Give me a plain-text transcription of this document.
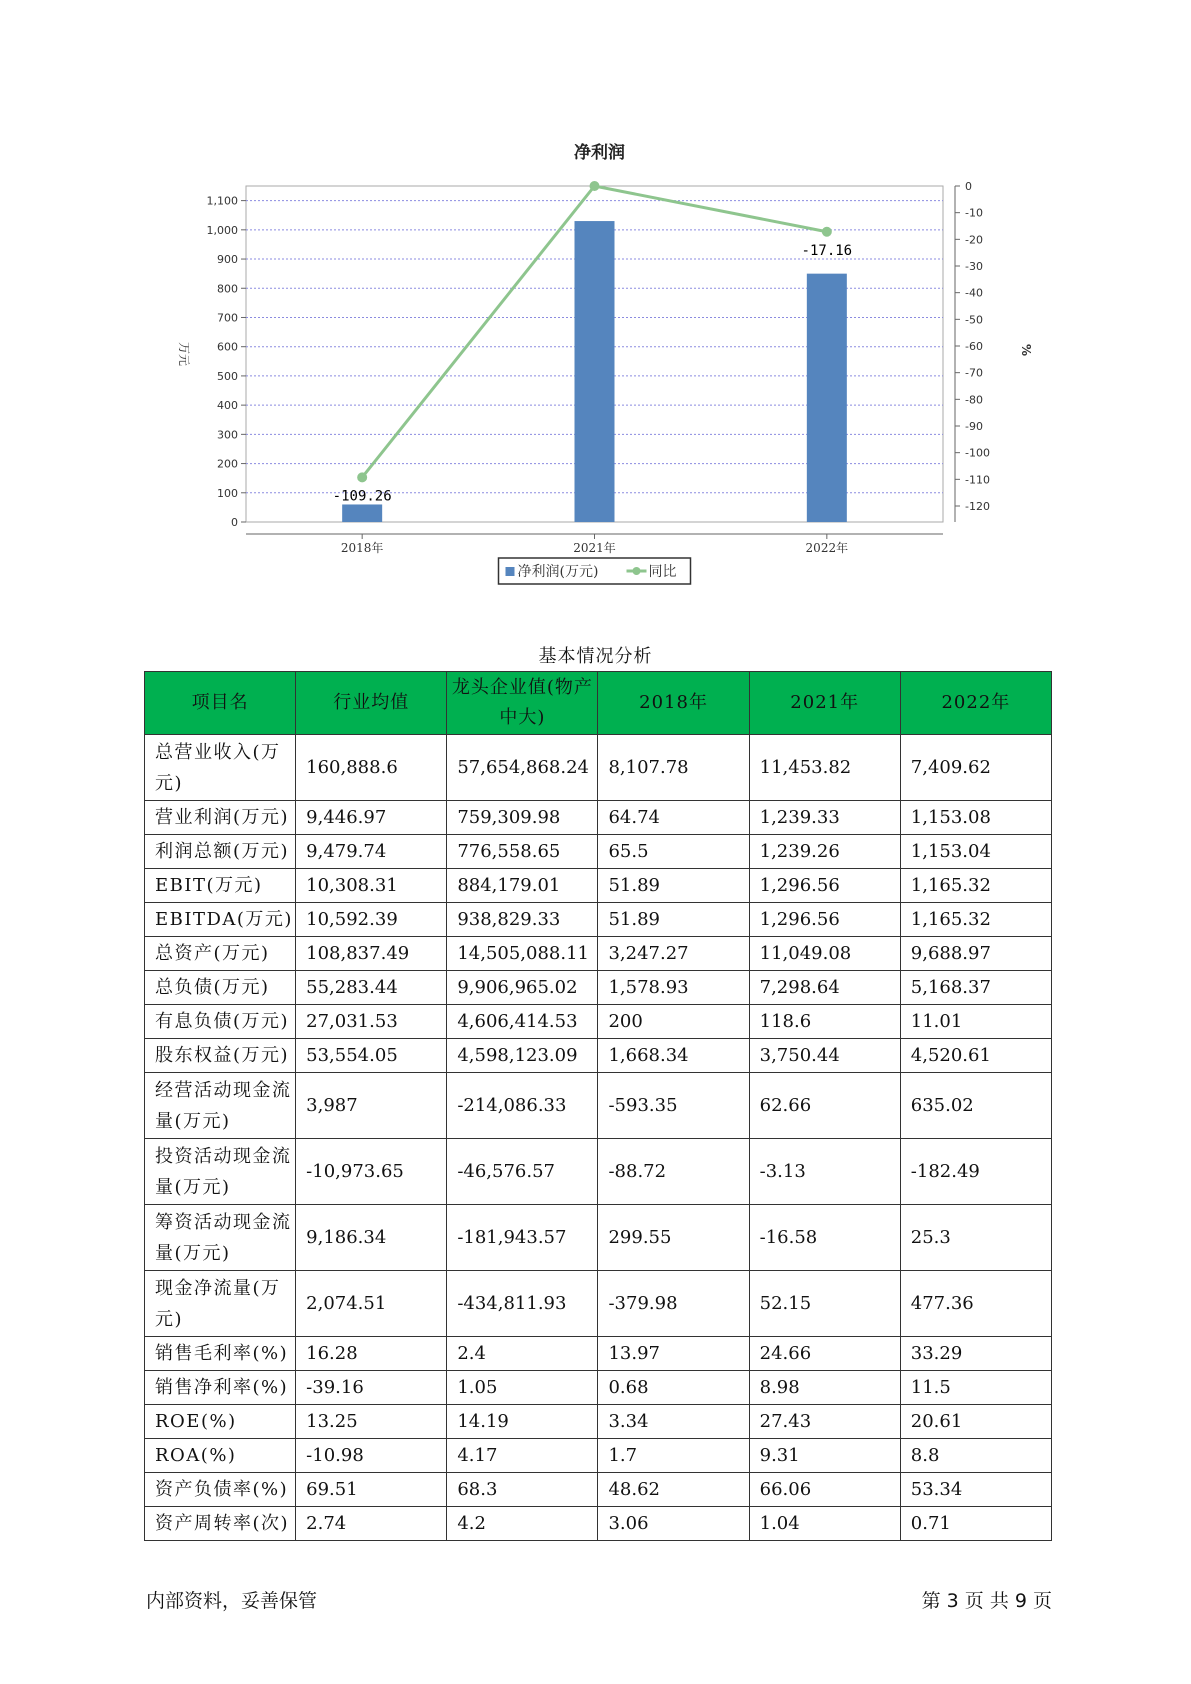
净利润
0
100
200
300
400
500
600
700
800
900
1,000
1,100
万元
0
-10
-20
-30
-40
-50
-60
-70
-80
-90
-100
-110
-120
%
2018年	2021年	2022年
-109.26
-17.16
净利润(万元)	同比
基本情况分析
项目名	行业均值	龙头企业值(物产中大)	2018年	2021年	2022年
总营业收入(万元)	160,888.6	57,654,868.24	8,107.78	11,453.82	7,409.62
营业利润(万元)	9,446.97	759,309.98	64.74	1,239.33	1,153.08
利润总额(万元)	9,479.74	776,558.65	65.5	1,239.26	1,153.04
EBIT(万元)	10,308.31	884,179.01	51.89	1,296.56	1,165.32
EBITDA(万元)	10,592.39	938,829.33	51.89	1,296.56	1,165.32
总资产(万元)	108,837.49	14,505,088.11	3,247.27	11,049.08	9,688.97
总负债(万元)	55,283.44	9,906,965.02	1,578.93	7,298.64	5,168.37
有息负债(万元)	27,031.53	4,606,414.53	200	118.6	11.01
股东权益(万元)	53,554.05	4,598,123.09	1,668.34	3,750.44	4,520.61
经营活动现金流量(万元)	3,987	-214,086.33	-593.35	62.66	635.02
投资活动现金流量(万元)	-10,973.65	-46,576.57	-88.72	-3.13	-182.49
筹资活动现金流量(万元)	9,186.34	-181,943.57	299.55	-16.58	25.3
现金净流量(万元)	2,074.51	-434,811.93	-379.98	52.15	477.36
销售毛利率(%)	16.28	2.4	13.97	24.66	33.29
销售净利率(%)	-39.16	1.05	0.68	8.98	11.5
ROE(%)	13.25	14.19	3.34	27.43	20.61
ROA(%)	-10.98	4.17	1.7	9.31	8.8
资产负债率(%)	69.51	68.3	48.62	66.06	53.34
资产周转率(次)	2.74	4.2	3.06	1.04	0.71
内部资料，妥善保管	第 3 页 共 9 页
